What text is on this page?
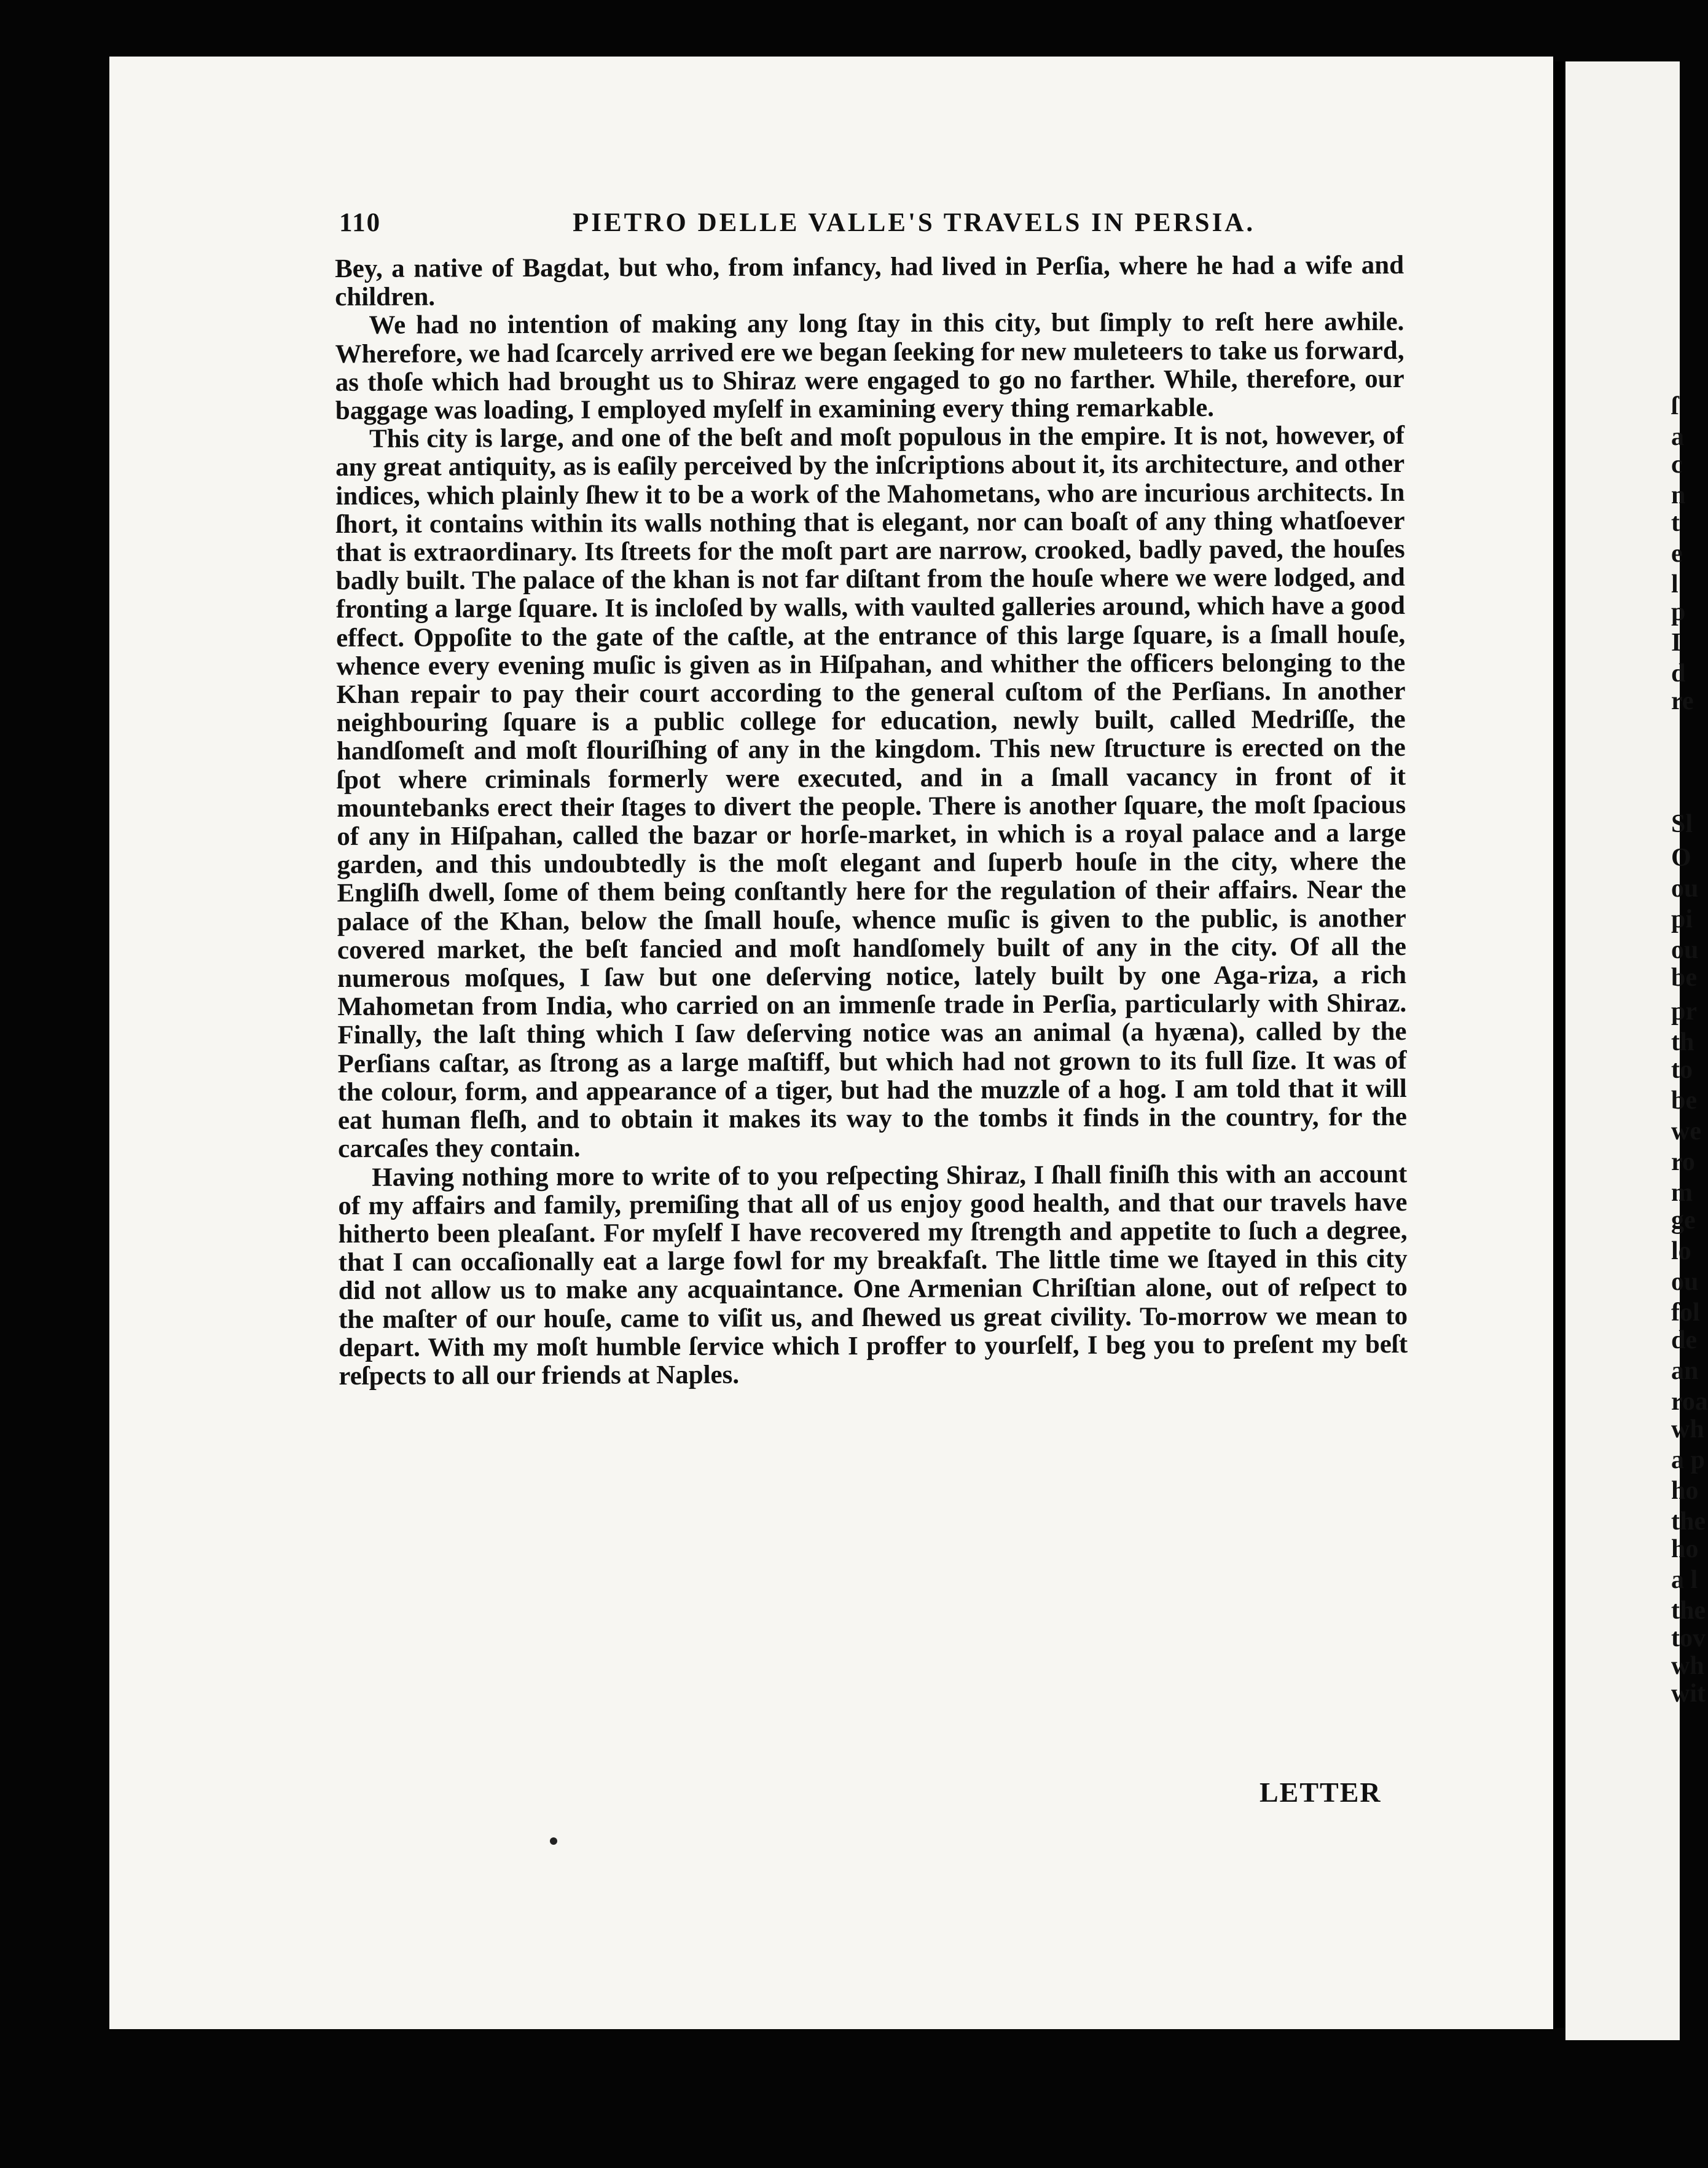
ſ
a
c
n
t
e
l
p
I
d
re
Sl
O
ou
pi
ou
be
pr
th
to
be
we
ro
m
ge
lo
ou
fol
de
an
roa
wh
a p
ho
the
ho
a l
the
tov
wh
wit
110	PIETRO DELLE VALLE'S TRAVELS IN PERSIA.

Bey, a native of Bagdat, but who, from infancy, had lived in Perſia, where he had a wife and children.

We had no intention of making any long ſtay in this city, but ſimply to reſt here awhile. Wherefore, we had ſcarcely arrived ere we began ſeeking for new muleteers to take us forward, as thoſe which had brought us to Shiraz were engaged to go no farther. While, therefore, our baggage was loading, I employed myſelf in examining every thing remarkable.

This city is large, and one of the beſt and moſt populous in the empire. It is not, however, of any great antiquity, as is eaſily perceived by the inſcriptions about it, its architecture, and other indices, which plainly ſhew it to be a work of the Mahometans, who are incurious architects. In ſhort, it contains within its walls nothing that is elegant, nor can boaſt of any thing whatſoever that is extraordinary. Its ſtreets for the moſt part are narrow, crooked, badly paved, the houſes badly built. The palace of the khan is not far diſtant from the houſe where we were lodged, and fronting a large ſquare. It is incloſed by walls, with vaulted galleries around, which have a good effect. Oppoſite to the gate of the caſtle, at the entrance of this large ſquare, is a ſmall houſe, whence every evening muſic is given as in Hiſpahan, and whither the officers belonging to the Khan repair to pay their court according to the general cuſtom of the Perſians. In another neighbouring ſquare is a public college for education, newly built, called Medriſſe, the handſomeſt and moſt flouriſhing of any in the kingdom. This new ſtructure is erected on the ſpot where criminals formerly were executed, and in a ſmall vacancy in front of it mountebanks erect their ſtages to divert the people. There is another ſquare, the moſt ſpacious of any in Hiſpahan, called the bazar or horſe-market, in which is a royal palace and a large garden, and this undoubtedly is the moſt elegant and ſuperb houſe in the city, where the Engliſh dwell, ſome of them being conſtantly here for the regulation of their affairs. Near the palace of the Khan, below the ſmall houſe, whence muſic is given to the public, is another covered market, the beſt fancied and moſt handſomely built of any in the city. Of all the numerous moſques, I ſaw but one deſerving notice, lately built by one Aga-riza, a rich Mahometan from India, who carried on an immenſe trade in Perſia, particularly with Shiraz. Finally, the laſt thing which I ſaw deſerving notice was an animal (a hyæna), called by the Perſians caſtar, as ſtrong as a large maſtiff, but which had not grown to its full ſize. It was of the colour, form, and appearance of a tiger, but had the muzzle of a hog. I am told that it will eat human fleſh, and to obtain it makes its way to the tombs it finds in the country, for the carcaſes they contain.

Having nothing more to write of to you reſpecting Shiraz, I ſhall finiſh this with an account of my affairs and family, premiſing that all of us enjoy good health, and that our travels have hitherto been pleaſant. For myſelf I have recovered my ſtrength and appetite to ſuch a degree, that I can occaſionally eat a large fowl for my breakfaſt. The little time we ſtayed in this city did not allow us to make any acquaintance. One Armenian Chriſtian alone, out of reſpect to the maſter of our houſe, came to viſit us, and ſhewed us great civility. To-morrow we mean to depart. With my moſt humble ſervice which I proffer to yourſelf, I beg you to preſent my beſt reſpects to all our friends at Naples.

LETTER
